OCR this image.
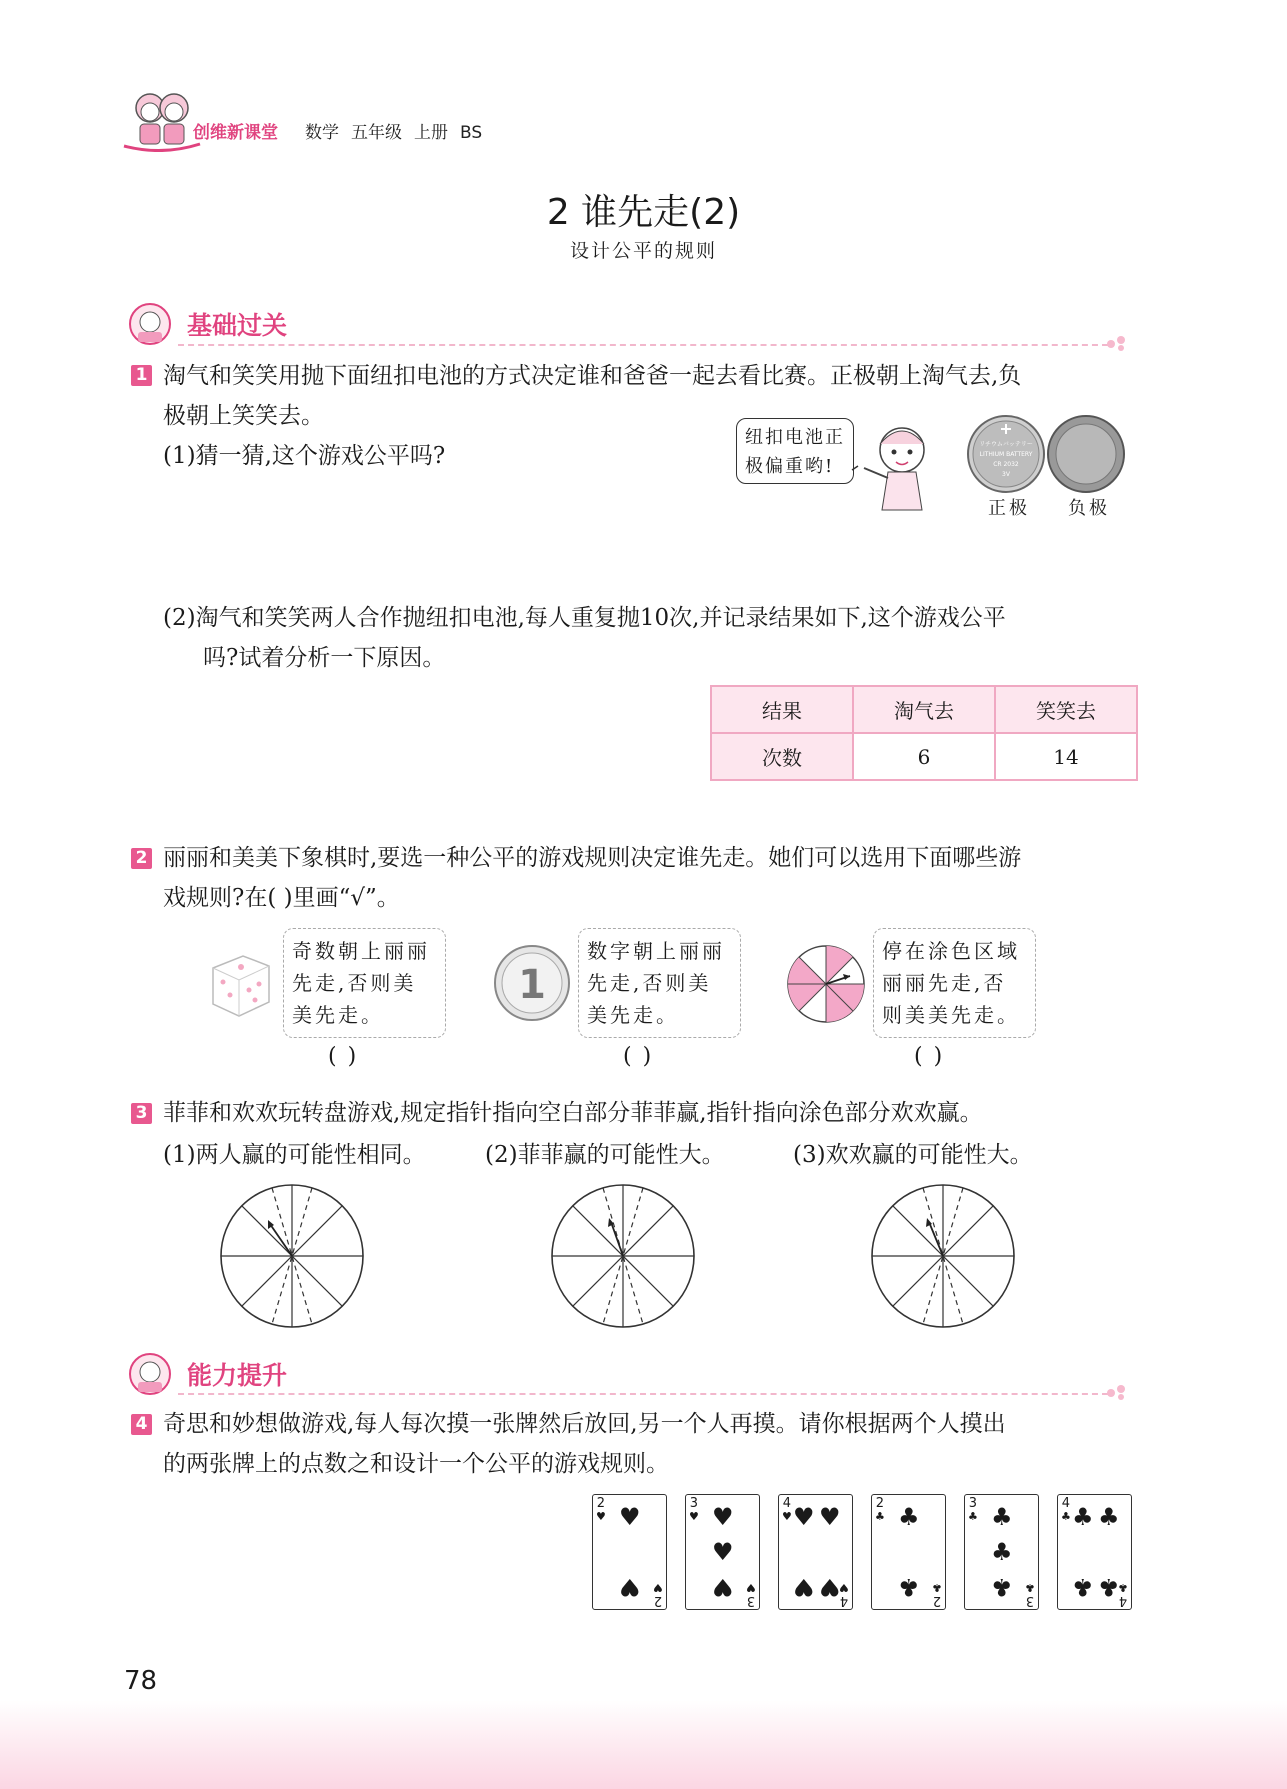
创维新课堂 数学 五年级 上册 BS
2 谁先走(2)
设计公平的规则
基础过关
1 淘气和笑笑用抛下面纽扣电池的方式决定谁和爸爸一起去看比赛。正极朝上淘气去,负
极朝上笑笑去。
(1)猜一猜,这个游戏公平吗?
纽扣电池正
极偏重哟!
リチウムバッテリー
LITHIUM BATTERY
CR 2032
3V
正极 负极
(2)淘气和笑笑两人合作抛纽扣电池,每人重复抛10次,并记录结果如下,这个游戏公平
吗?试着分析一下原因。
结果	淘气去	笑笑去
次数	6	14
2 丽丽和美美下象棋时,要选一种公平的游戏规则决定谁先走。她们可以选用下面哪些游
戏规则?在( )里画“√”。
奇数朝上丽丽
先走,否则美
美先走。
1
数字朝上丽丽
先走,否则美
美先走。
停在涂色区域
丽丽先走,否
则美美先走。
( )	( )	( )
3 菲菲和欢欢玩转盘游戏,规定指针指向空白部分菲菲赢,指针指向涂色部分欢欢赢。
(1)两人赢的可能性相同。	(2)菲菲赢的可能性大。	(3)欢欢赢的可能性大。
能力提升
4 奇思和妙想做游戏,每人每次摸一张牌然后放回,另一个人再摸。请你根据两个人摸出
的两张牌上的点数之和设计一个公平的游戏规则。
2
♥
2
♥
♥
♥
3
♥
3
♥
♥
♥
♥
4
♥
4
♥
♥ ♥
♥ ♥
2
♣
2
♣
♣
♣
3
♣
3
♣
♣
♣
♣
4
♣
4
♣
♣ ♣
♣ ♣
78
